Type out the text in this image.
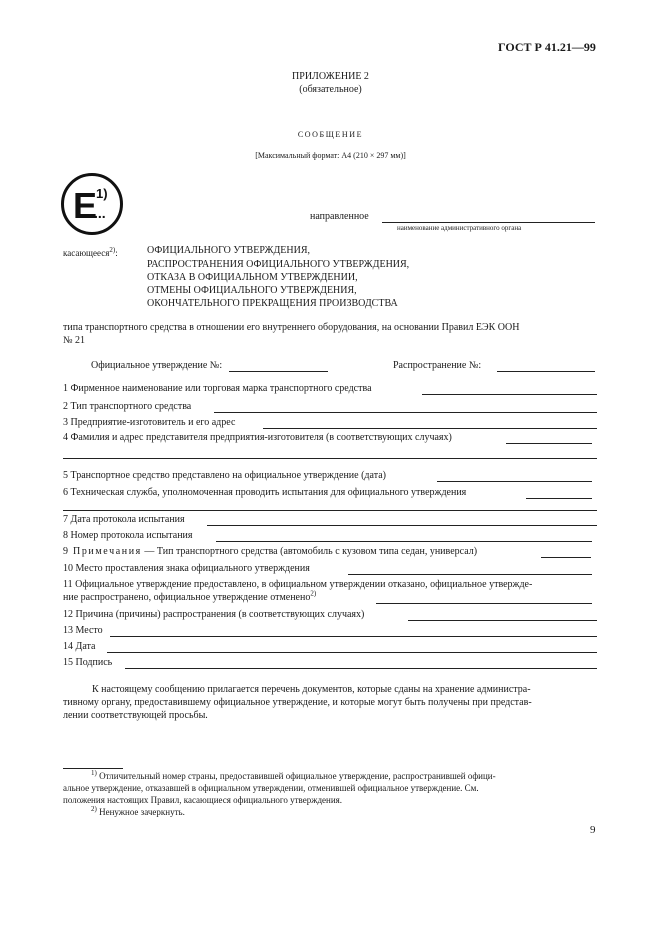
ГОСТ Р 41.21—99
ПРИЛОЖЕНИЕ 2
(обязательное)
СООБЩЕНИЕ
[Максимальный формат: А4 (210 × 297 мм)]
E
1)
...	направленное
наименование административного органа
касающееся$^{2)}$:	ОФИЦИАЛЬНОГО УТВЕРЖДЕНИЯ,
РАСПРОСТРАНЕНИЯ ОФИЦИАЛЬНОГО УТВЕРЖДЕНИЯ,
ОТКАЗА В ОФИЦИАЛЬНОМ УТВЕРЖДЕНИИ,
ОТМЕНЫ ОФИЦИАЛЬНОГО УТВЕРЖДЕНИЯ,
ОКОНЧАТЕЛЬНОГО ПРЕКРАЩЕНИЯ ПРОИЗВОДСТВА
типа транспортного средства в отношении его внутреннего оборудования, на основании Правил ЕЭК ООН
№ 21
Официальное утверждение №:	Распространение №:
1 Фирменное наименование или торговая марка транспортного средства
2 Тип транспортного средства
3 Предприятие-изготовитель и его адрес
4 Фамилия и адрес представителя предприятия-изготовителя (в соответствующих случаях)
5 Транспортное средство представлено на официальное утверждение (дата)
6 Техническая служба, уполномоченная проводить испытания для официального утверждения
7 Дата протокола испытания
8 Номер протокола испытания
9 Примечания — Тип транспортного средства (автомобиль с кузовом типа седан, универсал)
10 Место проставления знака официального утверждения
11 Официальное утверждение предоставлено, в официальном утверждении отказано, официальное утвержде-
ние распространено, официальное утверждение отменено$^{2)}$
12 Причина (причины) распространения (в соответствующих случаях)
13 Место
14 Дата
15 Подпись
К настоящему сообщению прилагается перечень документов, которые сданы на хранение администра-
тивному органу, предоставившему официальное утверждение, и которые могут быть получены при представ-
лении соответствующей просьбы.
$^{1)}$ Отличительный номер страны, предоставившей официальное утверждение, распространившей офици-
альное утверждение, отказавшей в официальном утверждении, отменившей официальное утверждение. См.
положения настоящих Правил, касающиеся официального утверждения.
$^{2)}$ Ненужное зачеркнуть.
9
